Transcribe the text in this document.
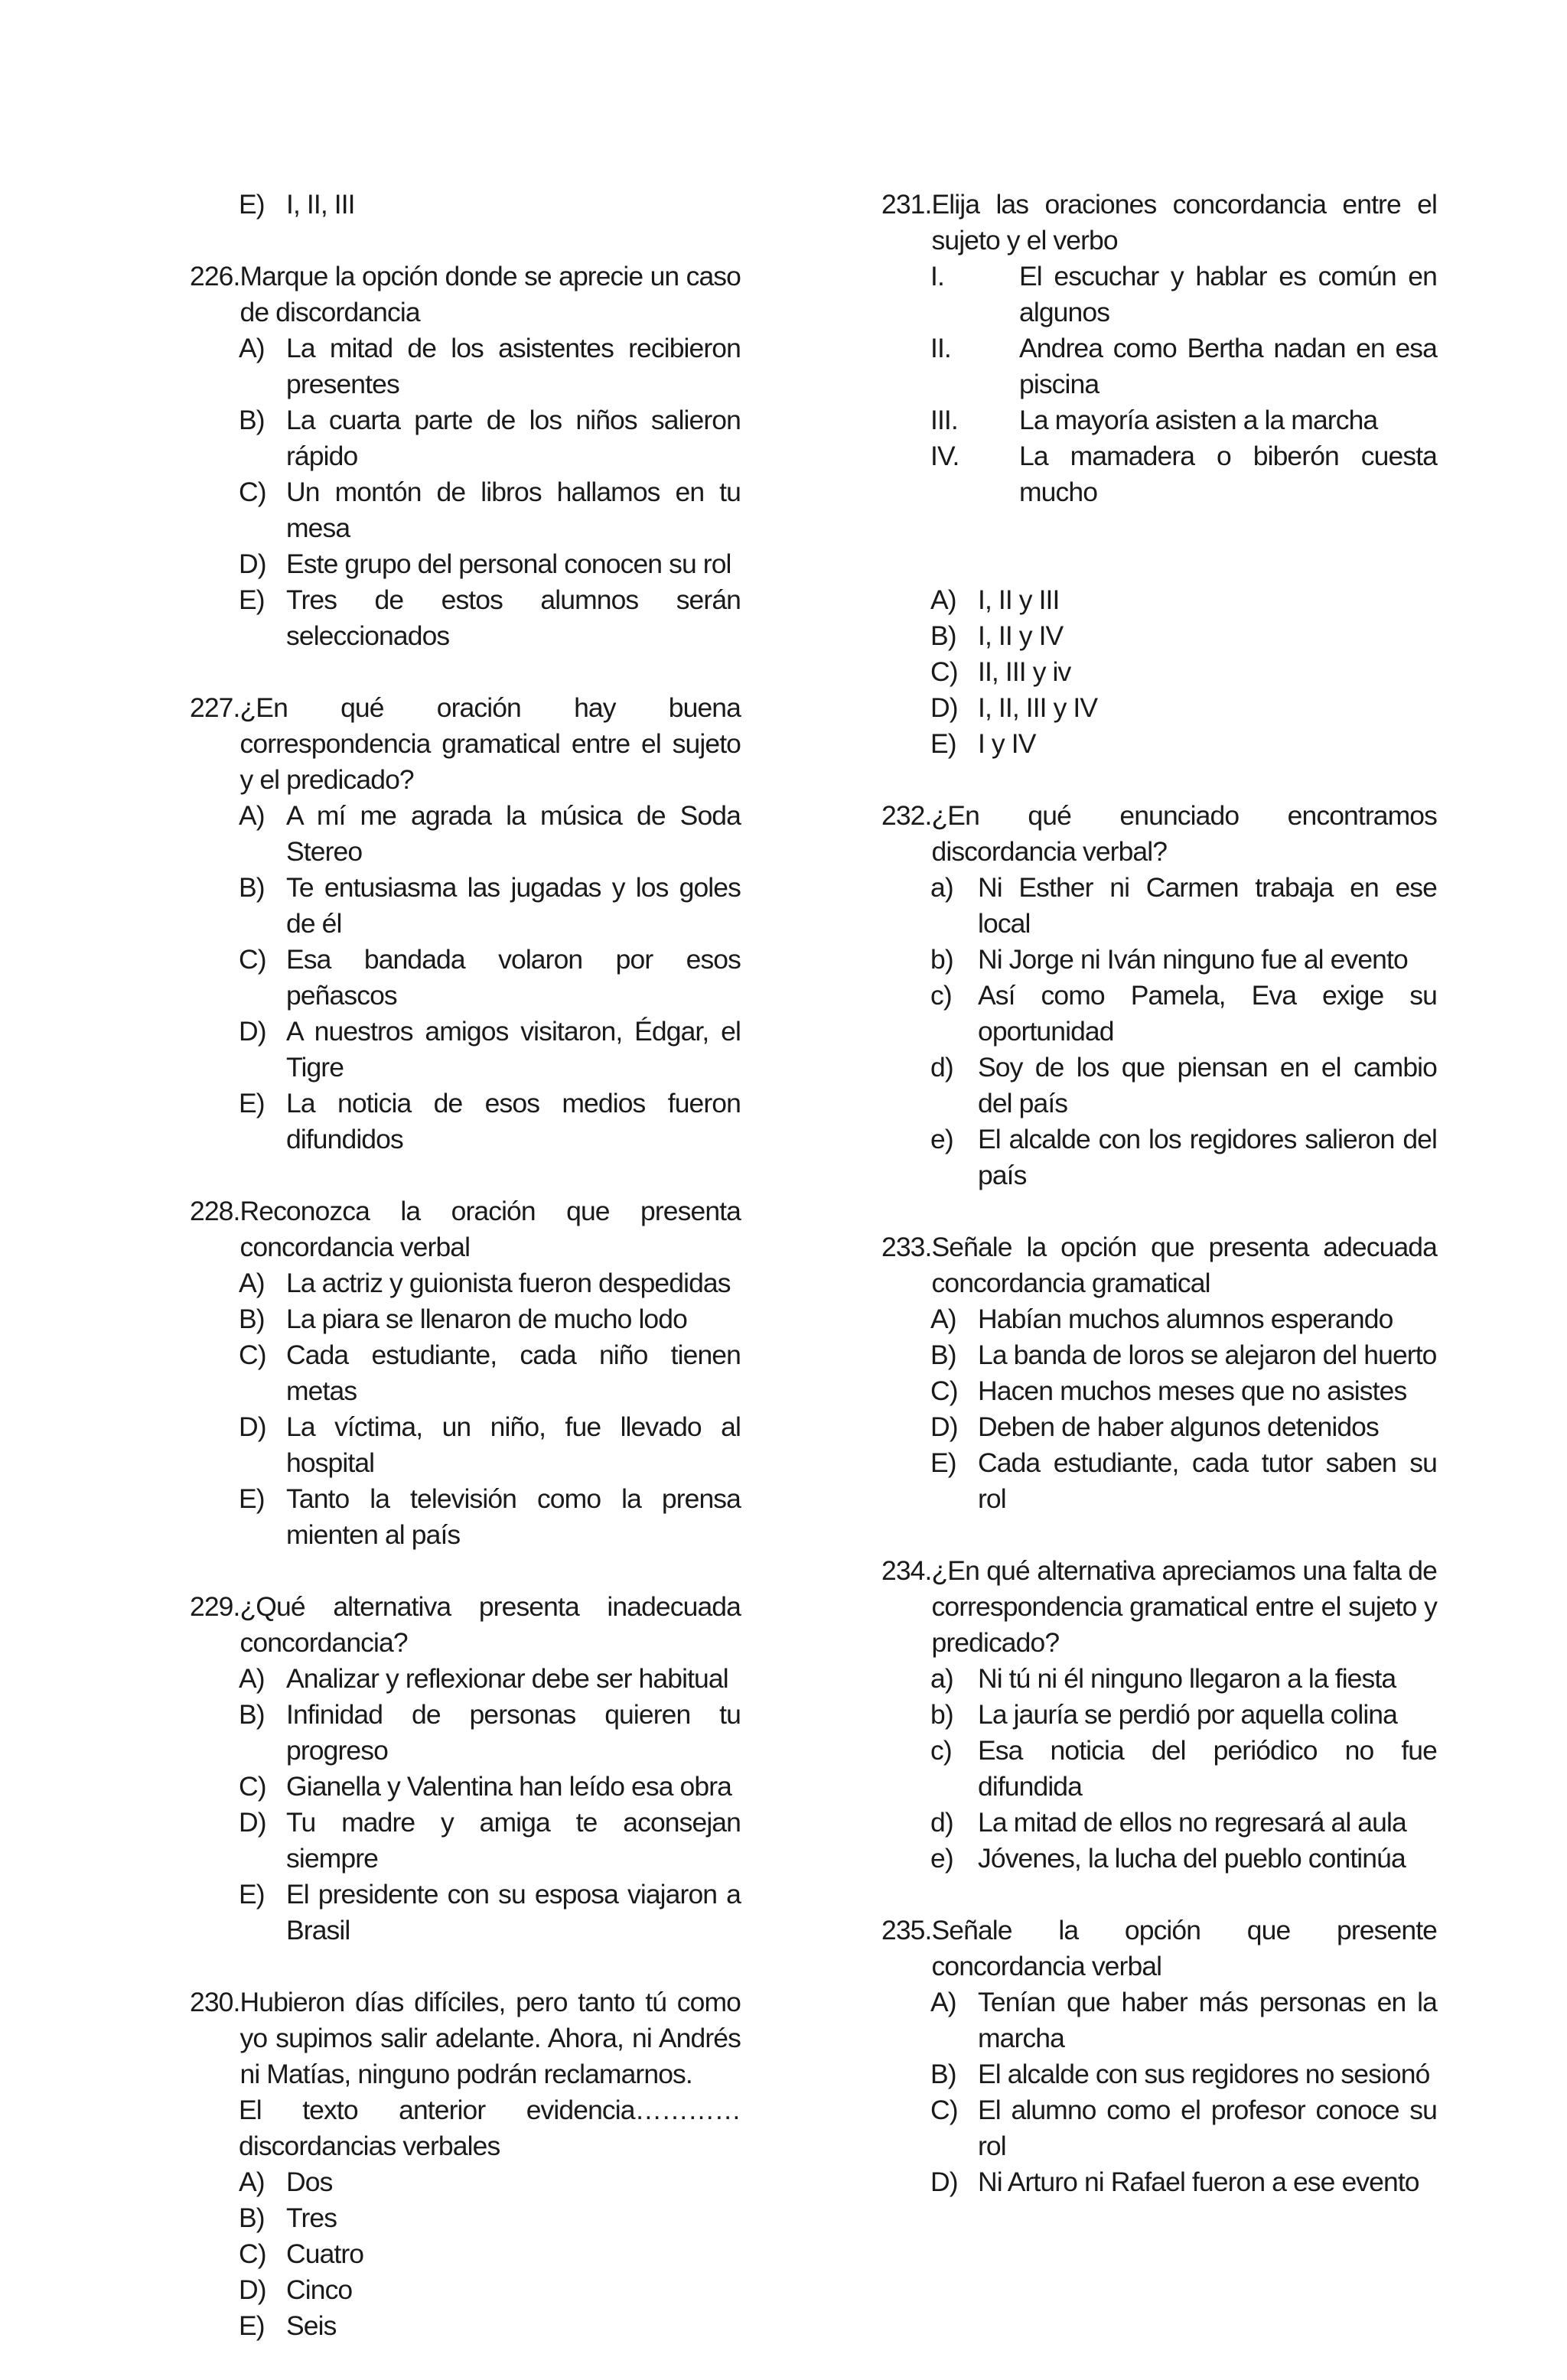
E) I, II, III
226. Marque la opción donde se aprecie un caso de discordancia
A) La mitad de los asistentes recibieron presentes
B) La cuarta parte de los niños salieron rápido
C) Un montón de libros hallamos en tu mesa
D) Este grupo del personal conocen su rol
E) Tres de estos alumnos serán seleccionados
227. ¿En qué oración hay buena correspondencia gramatical entre el sujeto y el predicado?
A) A mí me agrada la música de Soda Stereo
B) Te entusiasma las jugadas y los goles de él
C) Esa bandada volaron por esos peñascos
D) A nuestros amigos visitaron, Édgar, el Tigre
E) La noticia de esos medios fueron difundidos
228. Reconozca la oración que presenta concordancia verbal
A) La actriz y guionista fueron despedidas
B) La piara se llenaron de mucho lodo
C) Cada estudiante, cada niño tienen metas
D) La víctima, un niño, fue llevado al hospital
E) Tanto la televisión como la prensa mienten al país
229. ¿Qué alternativa presenta inadecuada concordancia?
A) Analizar y reflexionar debe ser habitual
B) Infinidad de personas quieren tu progreso
C) Gianella y Valentina han leído esa obra
D) Tu madre y amiga te aconsejan siempre
E) El presidente con su esposa viajaron a Brasil
230. Hubieron días difíciles, pero tanto tú como yo supimos salir adelante. Ahora, ni Andrés ni Matías, ninguno podrán reclamarnos.
El texto anterior evidencia…………
discordancias verbales
A) Dos
B) Tres
C) Cuatro
D) Cinco
E) Seis
231. Elija las oraciones concordancia entre el sujeto y el verbo
I.	El escuchar y hablar es común en algunos
II.	Andrea como Bertha nadan en esa piscina
III.	La mayoría asisten a la marcha
IV.	La mamadera o biberón cuesta mucho
A) I, II y III
B) I, II y IV
C) II, III y iv
D) I, II, III y IV
E) I y IV
232. ¿En qué enunciado encontramos discordancia verbal?
a) Ni Esther ni Carmen trabaja en ese local
b) Ni Jorge ni Iván ninguno fue al evento
c) Así como Pamela, Eva exige su oportunidad
d) Soy de los que piensan en el cambio del país
e) El alcalde con los regidores salieron del país
233. Señale la opción que presenta adecuada concordancia gramatical
A) Habían muchos alumnos esperando
B) La banda de loros se alejaron del huerto
C) Hacen muchos meses que no asistes
D) Deben de haber algunos detenidos
E) Cada estudiante, cada tutor saben su rol
234. ¿En qué alternativa apreciamos una falta de correspondencia gramatical entre el sujeto y predicado?
a) Ni tú ni él ninguno llegaron a la fiesta
b) La jauría se perdió por aquella colina
c) Esa noticia del periódico no fue difundida
d) La mitad de ellos no regresará al aula
e) Jóvenes, la lucha del pueblo continúa
235. Señale la opción que presente concordancia verbal
A) Tenían que haber más personas en la marcha
B) El alcalde con sus regidores no sesionó
C) El alumno como el profesor conoce su rol
D) Ni Arturo ni Rafael fueron a ese evento
